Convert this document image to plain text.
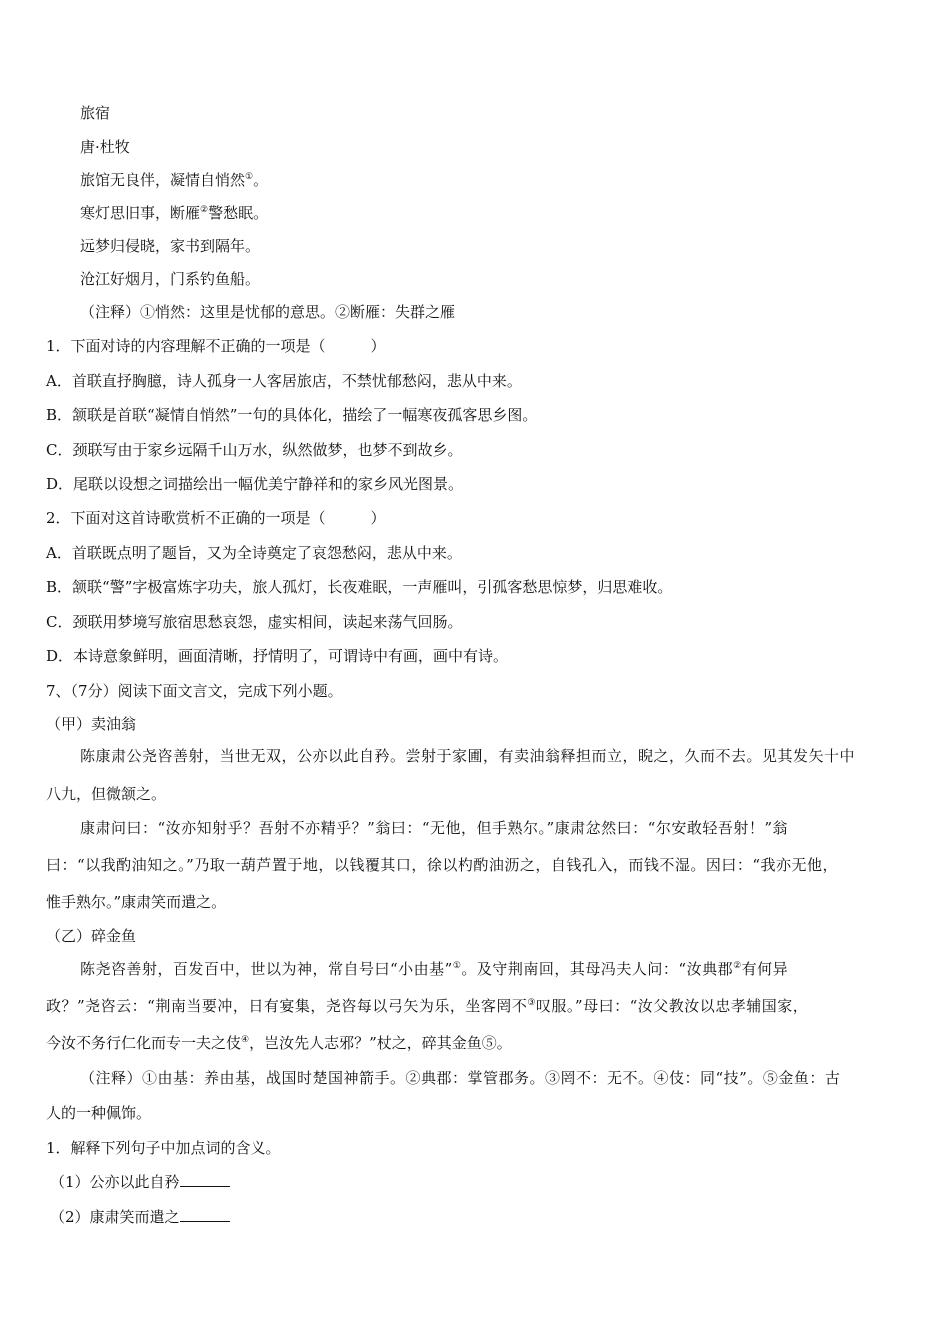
旅宿
唐·杜牧
旅馆无良伴，凝情自悄然①。
寒灯思旧事，断雁②警愁眠。
远梦归侵晓，家书到隔年。
沧江好烟月，门系钓鱼船。
（注释）①悄然：这里是忧郁的意思。②断雁：失群之雁
1．下面对诗的内容理解不正确的一项是（　　　）
A．首联直抒胸臆，诗人孤身一人客居旅店，不禁忧郁愁闷，悲从中来。
B．颔联是首联“凝情自悄然”一句的具体化，描绘了一幅寒夜孤客思乡图。
C．颈联写由于家乡远隔千山万水，纵然做梦，也梦不到故乡。
D．尾联以设想之词描绘出一幅优美宁静祥和的家乡风光图景。
2．下面对这首诗歌赏析不正确的一项是（　　　）
A．首联既点明了题旨，又为全诗奠定了哀怨愁闷，悲从中来。
B．颔联“警”字极富炼字功夫，旅人孤灯，长夜难眠，一声雁叫，引孤客愁思惊梦，归思难收。
C．颈联用梦境写旅宿思愁哀怨，虚实相间，读起来荡气回肠。
D．本诗意象鲜明，画面清晰，抒情明了，可谓诗中有画，画中有诗。
7、（7分）阅读下面文言文，完成下列小题。
（甲）卖油翁
陈康肃公尧咨善射，当世无双，公亦以此自矜。尝射于家圃，有卖油翁释担而立，睨之，久而不去。见其发矢十中
八九，但微颔之。
康肃问曰：“汝亦知射乎？吾射不亦精乎？”翁曰：“无他，但手熟尔。”康肃忿然曰：“尔安敢轻吾射！”翁
曰：“以我酌油知之。”乃取一葫芦置于地，以钱覆其口，徐以杓酌油沥之，自钱孔入，而钱不湿。因曰：“我亦无他，
惟手熟尔。”康肃笑而遣之。
（乙）碎金鱼
陈尧咨善射，百发百中，世以为神，常自号曰“小由基”①。及守荆南回，其母冯夫人问：“汝典郡②有何异
政？”尧咨云：“荆南当要冲，日有宴集，尧咨每以弓矢为乐，坐客罔不③叹服。”母曰：“汝父教汝以忠孝辅国家，
今汝不务行仁化而专一夫之伎④，岂汝先人志邪？”杖之，碎其金鱼⑤。
（注释）①由基：养由基，战国时楚国神箭手。②典郡：掌管郡务。③罔不：无不。④伎：同“技”。⑤金鱼：古
人的一种佩饰。
1．解释下列句子中加点词的含义。
（1）公亦以此自矜
（2）康肃笑而遣之
